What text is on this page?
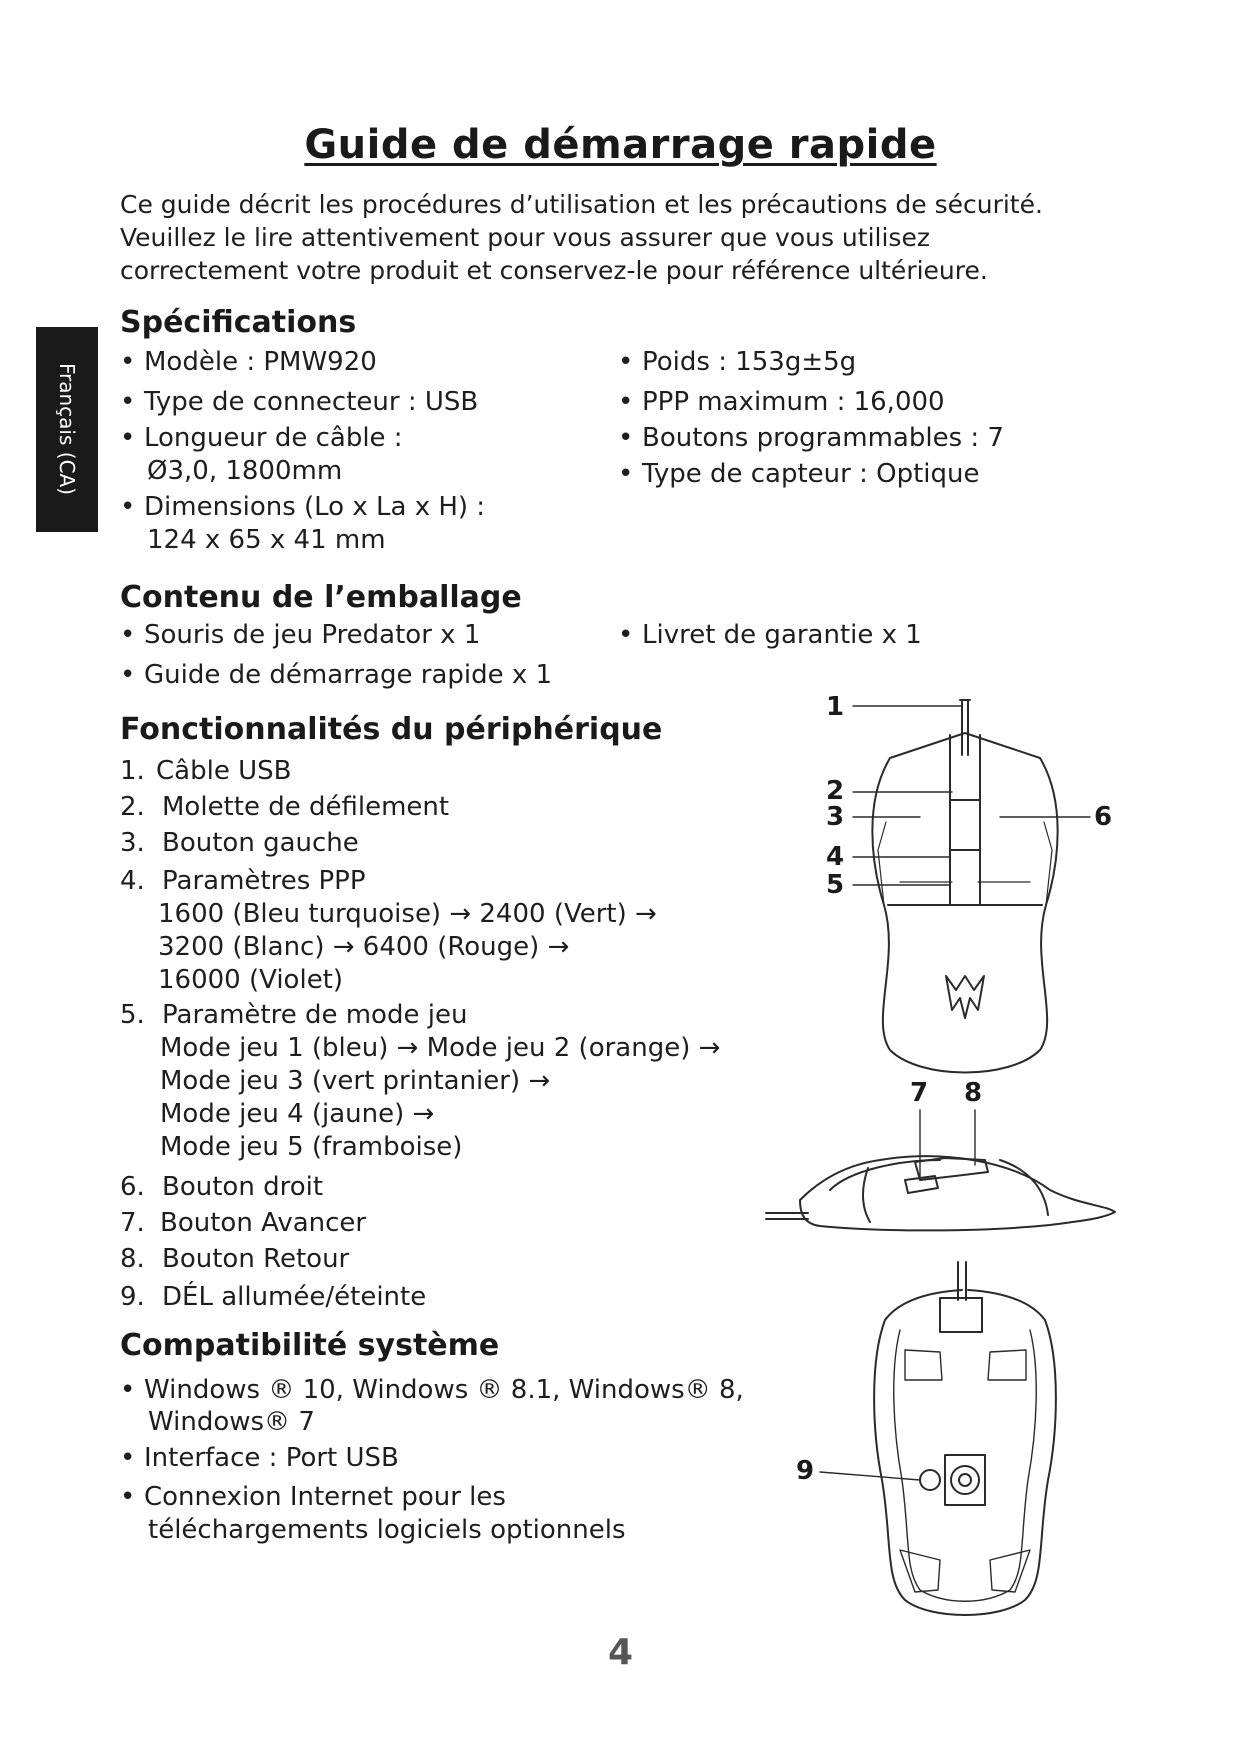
Guide de démarrage rapide
Ce guide décrit les procédures d’utilisation et les précautions de sécurité.
Veuillez le lire attentivement pour vous assurer que vous utilisez
correctement votre produit et conservez-le pour référence ultérieure.
Français (CA)
Spécifications
• Modèle : PMW920
• Type de connecteur : USB
• Longueur de câble :
Ø3,0, 1800mm
• Dimensions (Lo x La x H) :
124 x 65 x 41 mm
• Poids : 153g±5g
• PPP maximum : 16,000
• Boutons programmables : 7
• Type de capteur : Optique
Contenu de l’emballage
• Souris de jeu Predator x 1
• Guide de démarrage rapide x 1
• Livret de garantie x 1
Fonctionnalités du périphérique
1. Câble USB
2. Molette de défilement
3. Bouton gauche
4. Paramètres PPP
1600 (Bleu turquoise) → 2400 (Vert) →
3200 (Blanc) → 6400 (Rouge) →
16000 (Violet)
5. Paramètre de mode jeu
Mode jeu 1 (bleu) → Mode jeu 2 (orange) →
Mode jeu 3 (vert printanier) →
Mode jeu 4 (jaune) →
Mode jeu 5 (framboise)
6. Bouton droit
7. Bouton Avancer
8. Bouton Retour
9. DÉL allumée/éteinte
Compatibilité système
• Windows ® 10, Windows ® 8.1, Windows® 8,
Windows® 7
• Interface : Port USB
• Connexion Internet pour les
téléchargements logiciels optionnels
1
2
3
4
5
6
7 8
9
4
